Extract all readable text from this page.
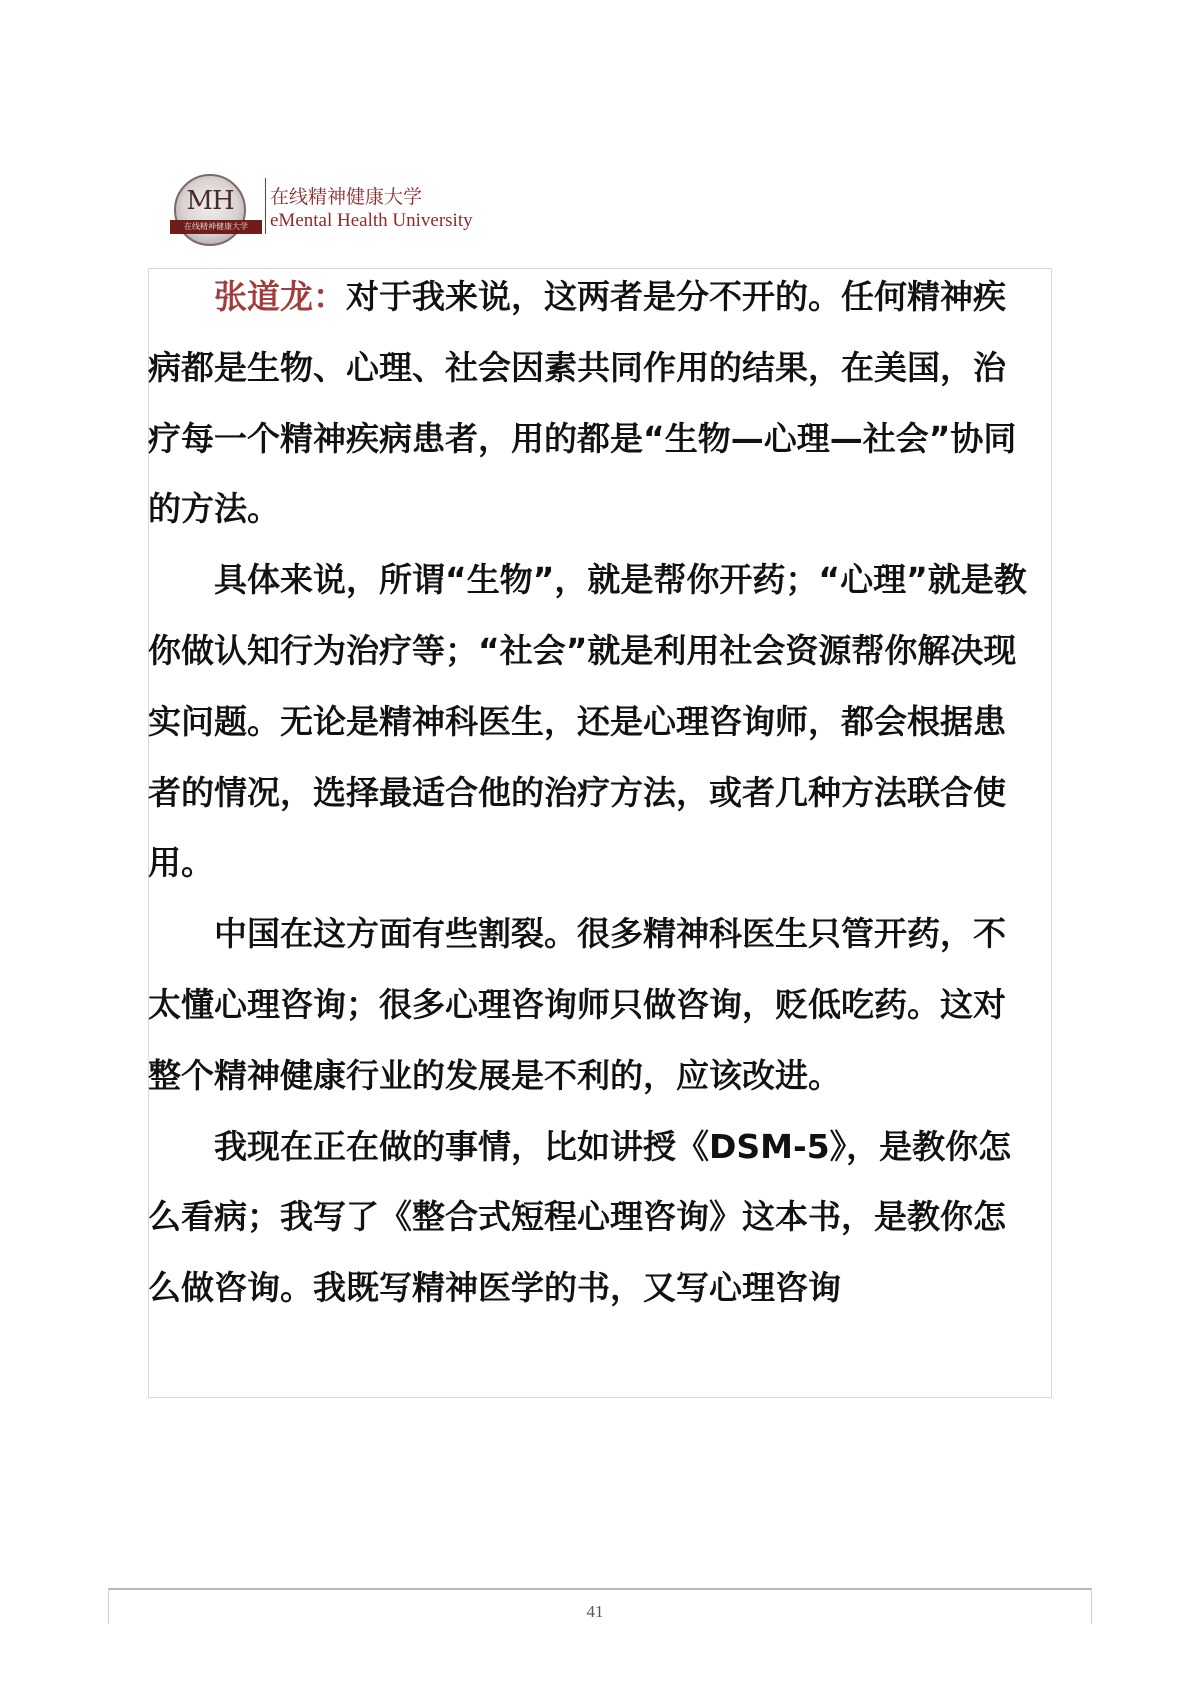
MH
在线精神健康大学
在线精神健康大学
eMental Health University

张道龙：对于我来说，这两者是分不开的。任何精神疾病都是生物、心理、社会因素共同作用的结果，在美国，治疗每一个精神疾病患者，用的都是“生物—心理—社会”协同的方法。

具体来说，所谓“生物”，就是帮你开药；“心理”就是教你做认知行为治疗等；“社会”就是利用社会资源帮你解决现实问题。无论是精神科医生，还是心理咨询师，都会根据患者的情况，选择最适合他的治疗方法，或者几种方法联合使用。

中国在这方面有些割裂。很多精神科医生只管开药，不太懂心理咨询；很多心理咨询师只做咨询，贬低吃药。这对整个精神健康行业的发展是不利的，应该改进。

我现在正在做的事情，比如讲授《DSM-5》，是教你怎么看病；我写了《整合式短程心理咨询》这本书，是教你怎么做咨询。我既写精神医学的书，又写心理咨询

41
